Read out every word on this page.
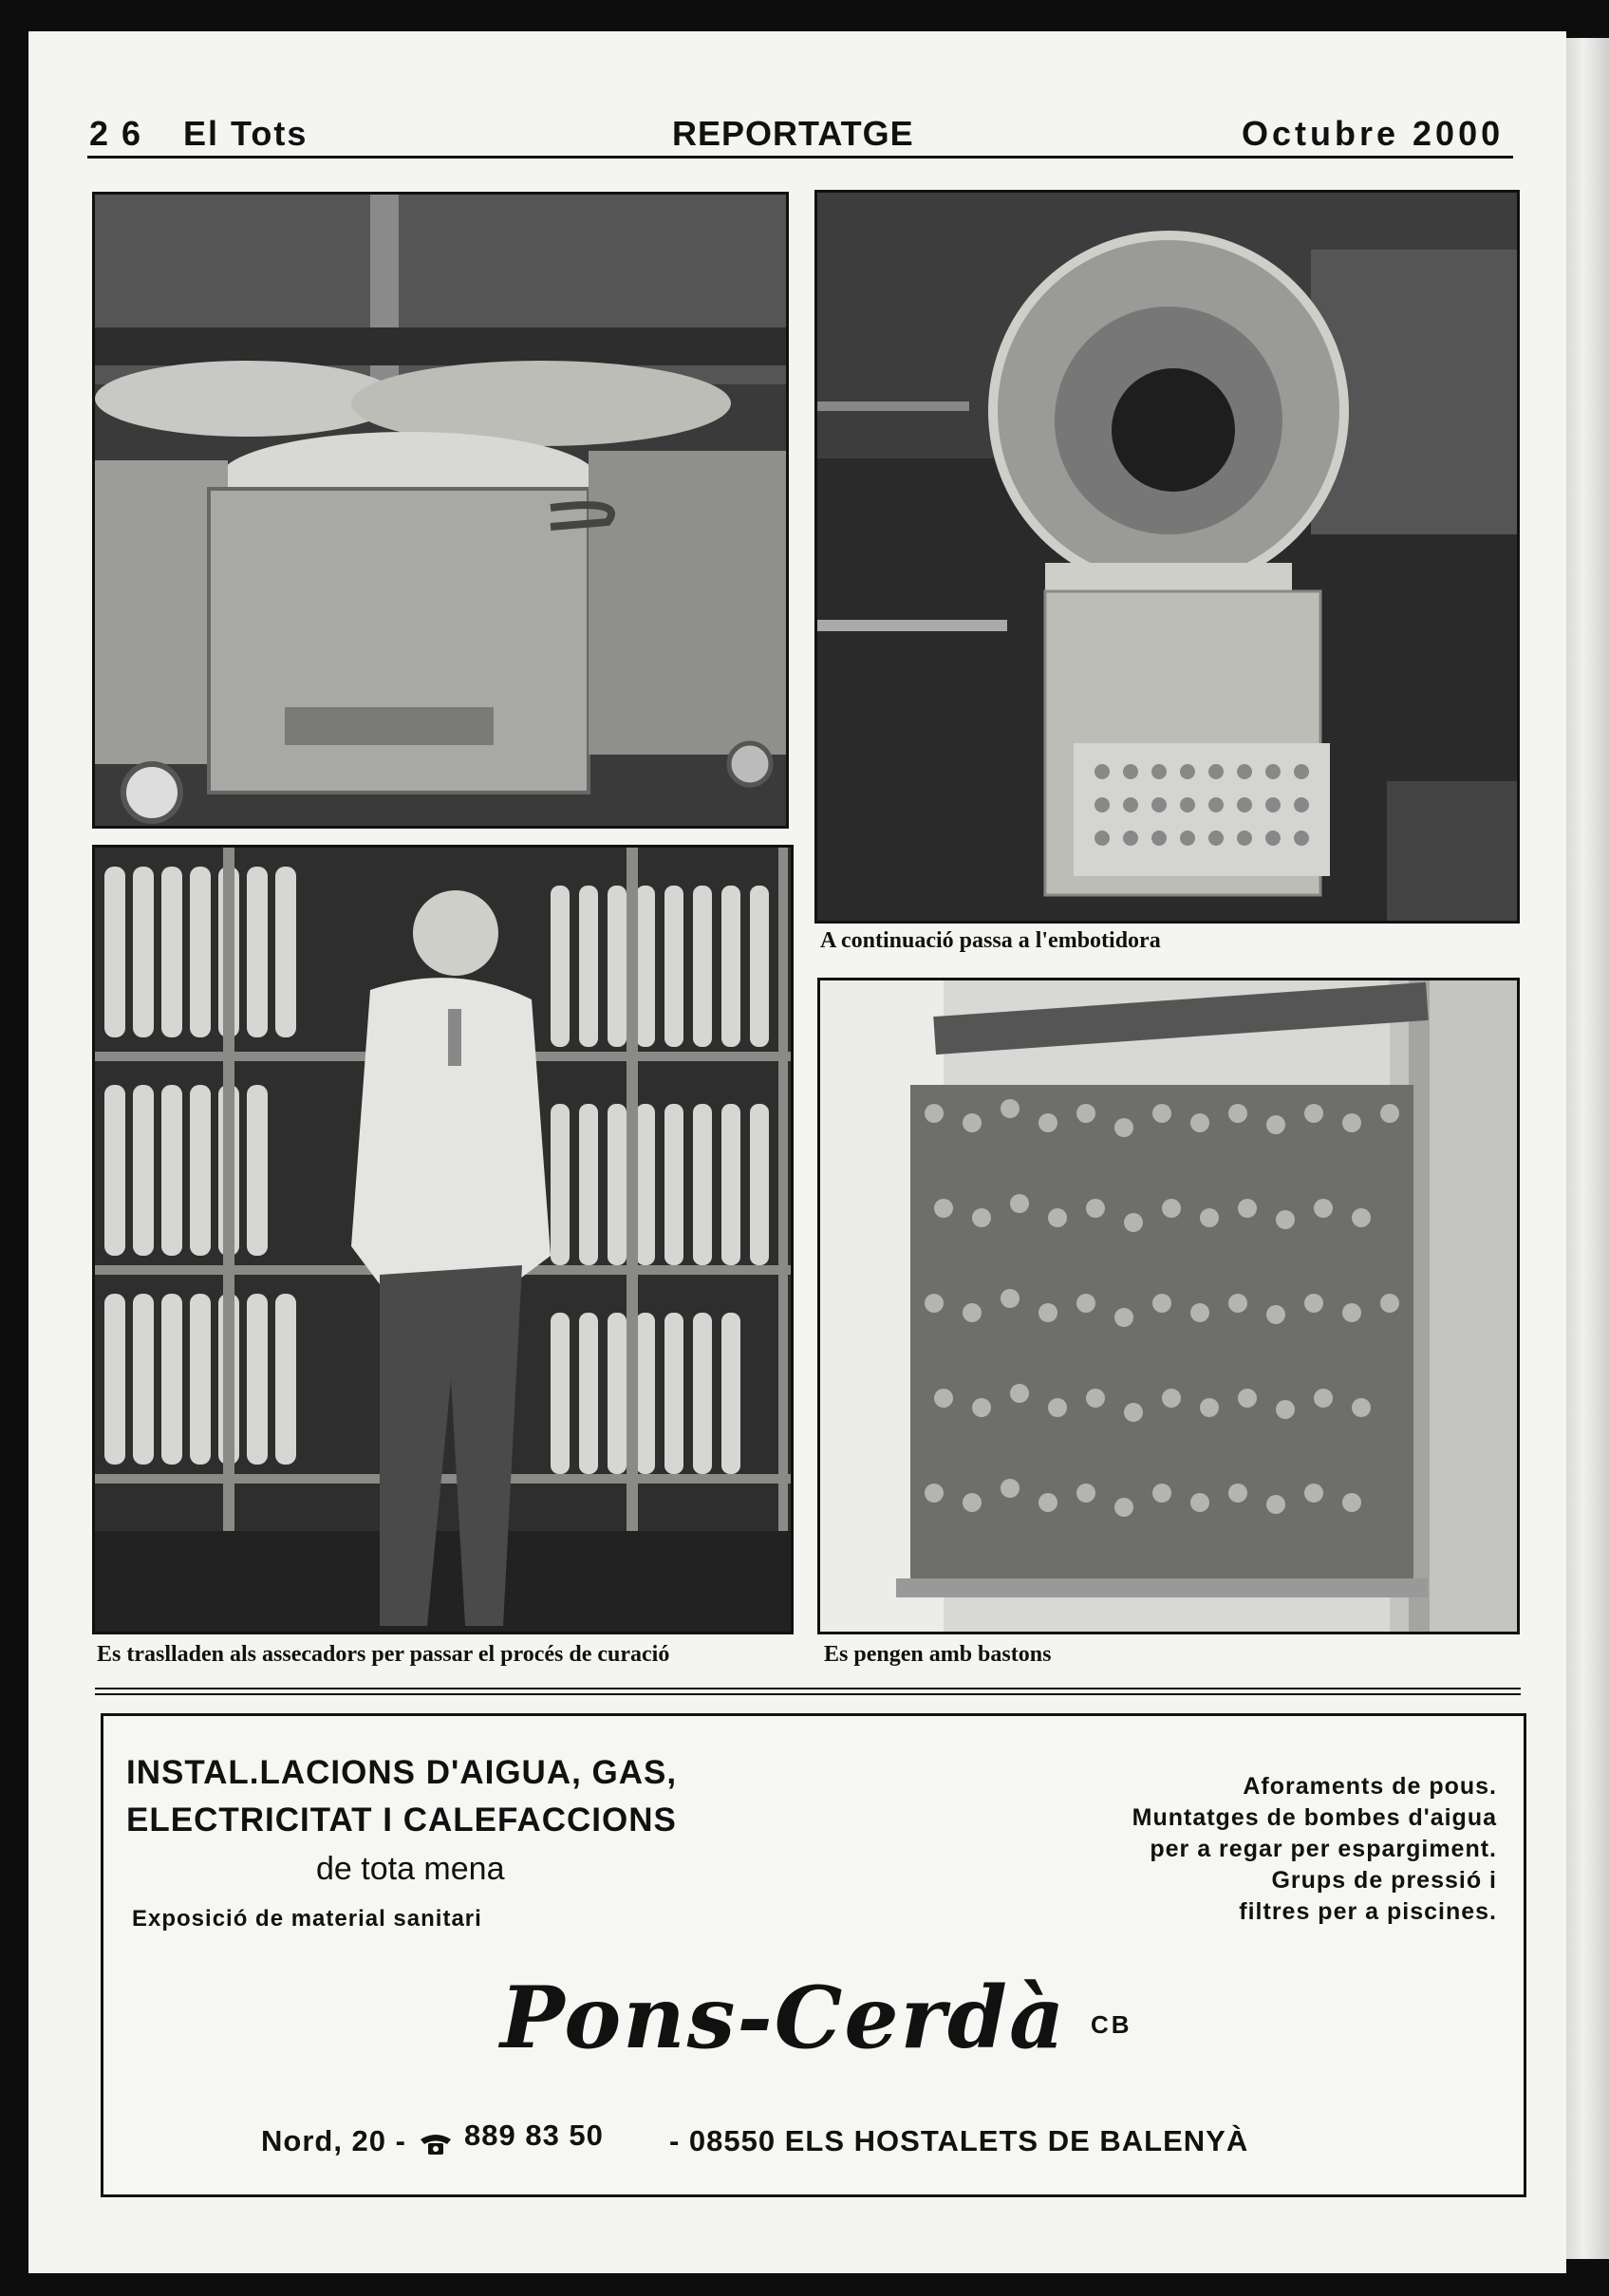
2 6 El Tots	REPORTATGE	Octubre 2000
A continuació passa a l'embotidora
Es traslladen als assecadors per passar el procés de curació	Es pengen amb bastons
INSTAL.LACIONS D'AIGUA, GAS,
ELECTRICITAT I CALEFACCIONS
de tota mena
Exposició de material sanitari
Aforaments de pous.
Muntatges de bombes d'aigua
per a regar per espargiment.
Grups de pressió i
filtres per a piscines.
Pons-Cerdà CB
Nord, 20 - 889 83 50 - 08550 ELS HOSTALETS DE BALENYÀ
